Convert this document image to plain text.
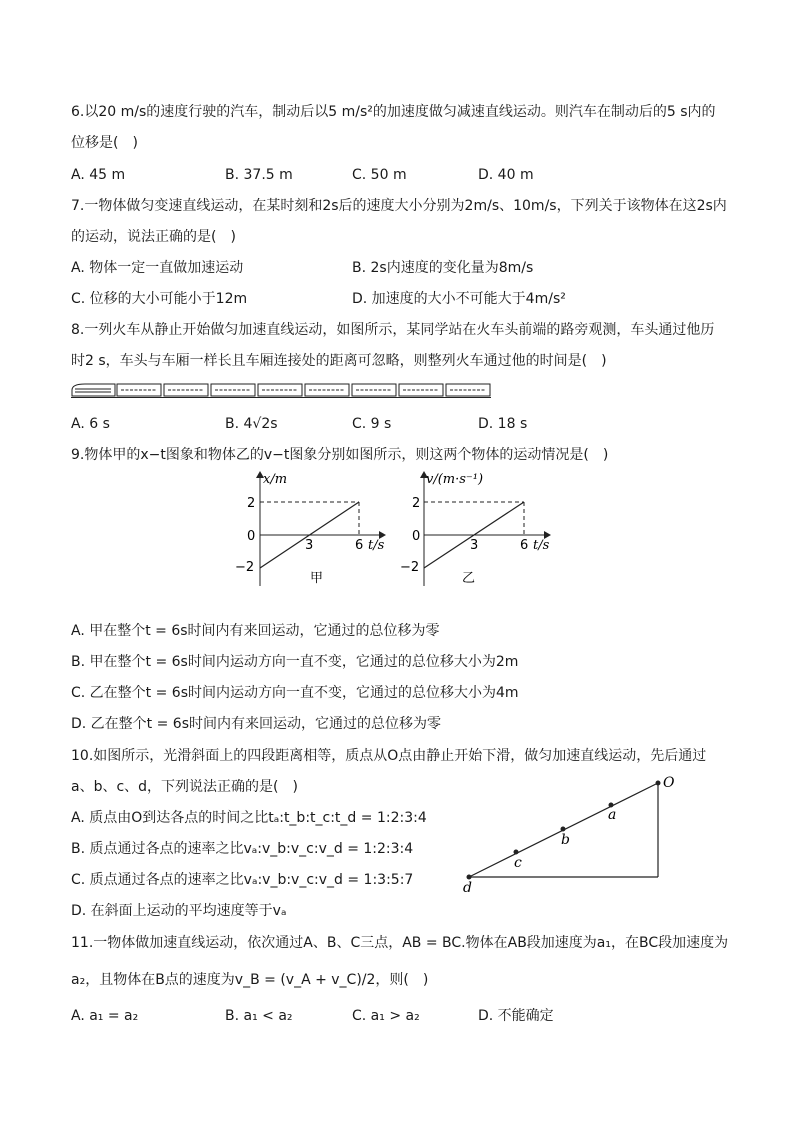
6.以20 m/s的速度行驶的汽车，制动后以5 m/s²的加速度做匀减速直线运动。则汽车在制动后的5 s内的
位移是(　)
A. 45 m	B. 37.5 m	C. 50 m	D. 40 m
7.一物体做匀变速直线运动，在某时刻和2s后的速度大小分别为2m/s、10m/s，下列关于该物体在这2s内
的运动，说法正确的是(　)
A. 物体一定一直做加速运动	B. 2s内速度的变化量为8m/s
C. 位移的大小可能小于12m	D. 加速度的大小不可能大于4m/s²
8.一列火车从静止开始做匀加速直线运动，如图所示，某同学站在火车头前端的路旁观测，车头通过他历
时2 s，车头与车厢一样长且车厢连接处的距离可忽略，则整列火车通过他的时间是(　)
A. 6 s	B. 4√2s	C. 9 s	D. 18 s
9.物体甲的x−t图象和物体乙的v−t图象分别如图所示，则这两个物体的运动情况是(　)
x/m
2
0
−2
3	6 t/s
甲
v/(m·s⁻¹)
2
0
−2
3	6 t/s
乙
A. 甲在整个t = 6s时间内有来回运动，它通过的总位移为零
B. 甲在整个t = 6s时间内运动方向一直不变，它通过的总位移大小为2m
C. 乙在整个t = 6s时间内运动方向一直不变，它通过的总位移大小为4m
D. 乙在整个t = 6s时间内有来回运动，它通过的总位移为零
10.如图所示，光滑斜面上的四段距离相等，质点从O点由静止开始下滑，做匀加速直线运动，先后通过
a、b、c、d，下列说法正确的是(　)
A. 质点由O到达各点的时间之比tₐ:t_b:t_c:t_d = 1:2:3:4
B. 质点通过各点的速率之比vₐ:v_b:v_c:v_d = 1:2:3:4
C. 质点通过各点的速率之比vₐ:v_b:v_c:v_d = 1:3:5:7
D. 在斜面上运动的平均速度等于vₐ
O
a
b
c
d
11.一物体做加速直线运动，依次通过A、B、C三点，AB = BC.物体在AB段加速度为a₁，在BC段加速度为
a₂，且物体在B点的速度为v_B = (v_A + v_C)/2，则(　)
A. a₁ = a₂	B. a₁ < a₂	C. a₁ > a₂	D. 不能确定
